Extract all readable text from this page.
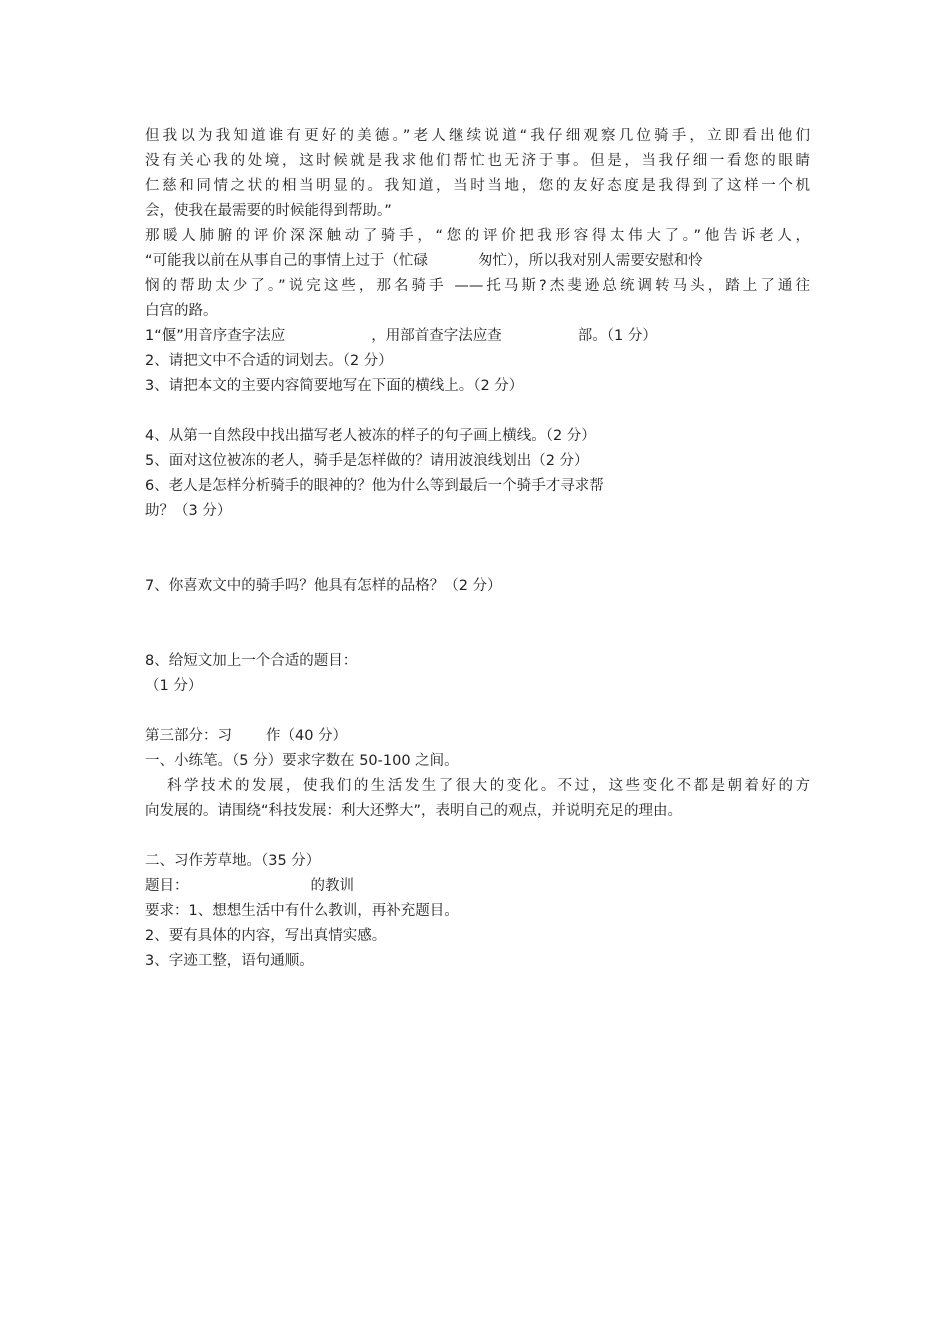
但我以为我知道谁有更好的美德。”老人继续说道“我仔细观察几位骑手，立即看出他们
没有关心我的处境，这时候就是我求他们帮忙也无济于事。但是，当我仔细一看您的眼睛
仁慈和同情之状的相当明显的。我知道，当时当地，您的友好态度是我得到了这样一个机
会，使我在最需要的时候能得到帮助。”
那暖人肺腑的评价深深触动了骑手，“您的评价把我形容得太伟大了。”他告诉老人，
“可能我以前在从事自己的事情上过于（忙碌	匆忙），所以我对别人需要安慰和怜
悯的帮助太少了。”说完这些，那名骑手 ——托马斯?杰斐逊总统调转马头，踏上了通往
白宫的路。
1“偃”用音序查字法应	，用部首查字法应查	部。（1 分）
2、请把文中不合适的词划去。（2 分）
3、请把本文的主要内容简要地写在下面的横线上。（2 分）
4、从第一自然段中找出描写老人被冻的样子的句子画上横线。（2 分）
5、面对这位被冻的老人，骑手是怎样做的？请用波浪线划出（2 分）
6、老人是怎样分析骑手的眼神的？他为什么等到最后一个骑手才寻求帮
助？（3 分）
7、你喜欢文中的骑手吗？他具有怎样的品格？（2 分）
8、给短文加上一个合适的题目：
（1 分）
第三部分：习 作（40 分）
一、小练笔。（5 分）要求字数在 50-100 之间。
科学技术的发展，使我们的生活发生了很大的变化。不过，这些变化不都是朝着好的方
向发展的。请围绕“科技发展：利大还弊大”，表明自己的观点，并说明充足的理由。
二、习作芳草地。（35 分）
题目：	的教训
要求：1、想想生活中有什么教训，再补充题目。
2、要有具体的内容，写出真情实感。
3、字迹工整，语句通顺。
